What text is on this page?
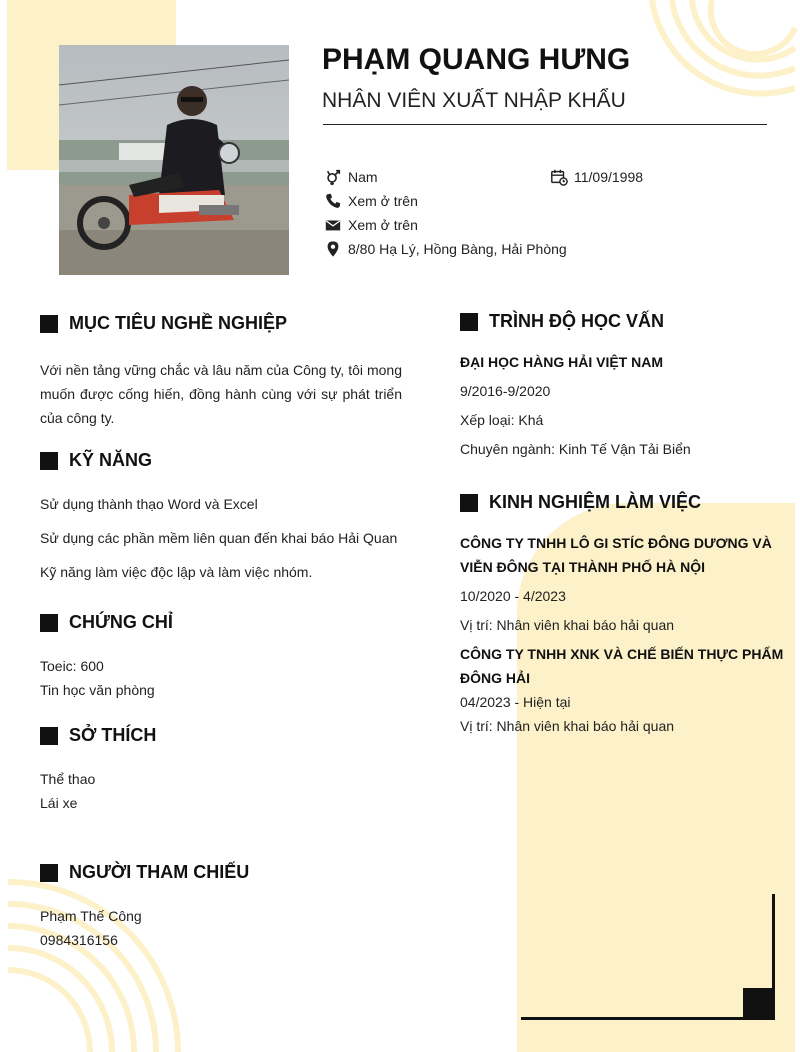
PHẠM QUANG HƯNG
NHÂN VIÊN XUẤT NHẬP KHẨU
Nam	11/09/1998
Xem ở trên
Xem ở trên
8/80 Hạ Lý, Hồng Bàng, Hải Phòng
MỤC TIÊU NGHỀ NGHIỆP
Với nền tảng vững chắc và lâu năm của Công ty, tôi mong muốn được cống hiến, đồng hành cùng với sự phát triển của công ty.
KỸ NĂNG
Sử dụng thành thạo Word và Excel
Sử dụng các phần mềm liên quan đến khai báo Hải Quan
Kỹ năng làm việc độc lập và làm việc nhóm.
CHỨNG CHỈ
Toeic: 600
Tin học văn phòng
SỞ THÍCH
Thể thao
Lái xe
NGƯỜI THAM CHIẾU
Phạm Thế Công
0984316156
TRÌNH ĐỘ HỌC VẤN
ĐẠI HỌC HÀNG HẢI VIỆT NAM
9/2016-9/2020
Xếp loại: Khá
Chuyên ngành: Kinh Tế Vận Tải Biển
KINH NGHIỆM LÀM VIỆC
CÔNG TY TNHH LÔ GI STÍC ĐÔNG DƯƠNG VÀ
VIỄN ĐÔNG TẠI THÀNH PHỐ HÀ NỘI
10/2020 - 4/2023
Vị trí: Nhân viên khai báo hải quan
CÔNG TY TNHH XNK VÀ CHẾ BIẾN THỰC PHẨM
ĐÔNG HẢI
04/2023 - Hiện tại
Vị trí: Nhân viên khai báo hải quan
